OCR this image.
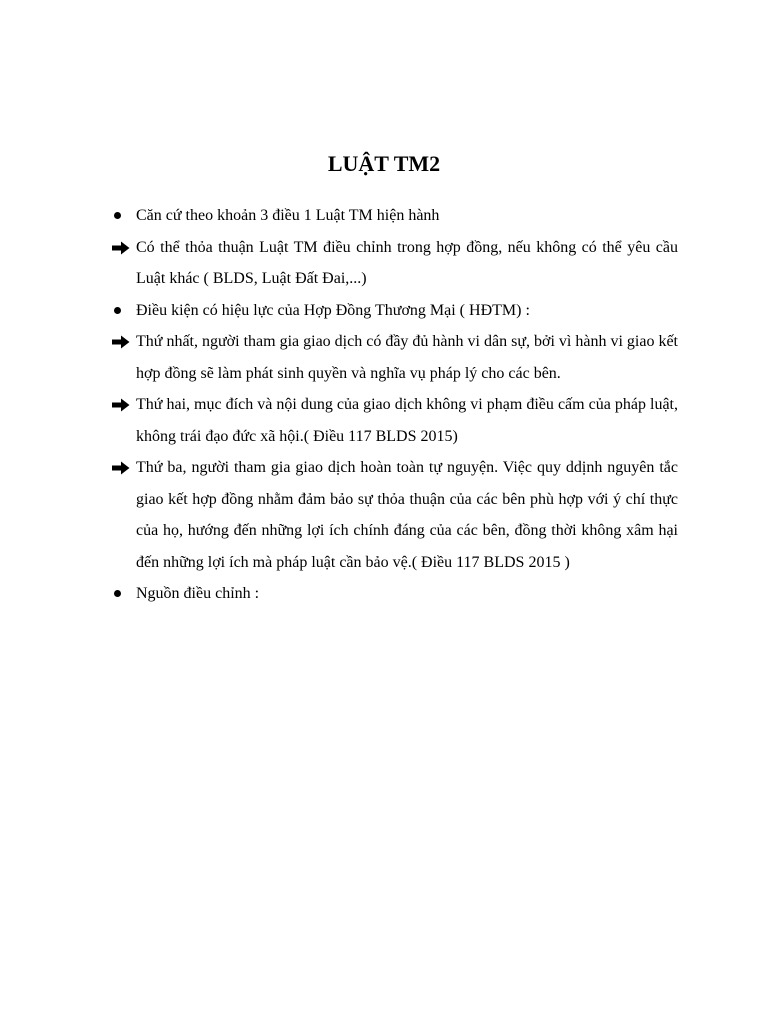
LUẬT TM2
Căn cứ theo khoản 3 điều 1 Luật TM hiện hành
Có thể thỏa thuận Luật TM điều chỉnh trong hợp đồng, nếu không có thể yêu cầu Luật khác ( BLDS, Luật Đất Đai,...)
Điều kiện có hiệu lực của Hợp Đồng Thương Mại ( HĐTM) :
Thứ nhất, người tham gia giao dịch có đầy đủ hành vi dân sự, bởi vì hành vi giao kết hợp đồng sẽ làm phát sinh quyền và nghĩa vụ pháp lý cho các bên.
Thứ hai, mục đích và nội dung của giao dịch không vi phạm điều cấm của pháp luật, không trái đạo đức xã hội.( Điều 117 BLDS 2015)
Thứ ba, người tham gia giao dịch hoàn toàn tự nguyện. Việc quy ddịnh nguyên tắc giao kết hợp đồng nhằm đảm bảo sự thỏa thuận của các bên phù hợp với ý chí thực của họ, hướng đến những lợi ích chính đáng của các bên, đồng thời không xâm hại đến những lợi ích mà pháp luật cần bảo vệ.( Điều 117 BLDS 2015 )
Nguồn điều chỉnh :
